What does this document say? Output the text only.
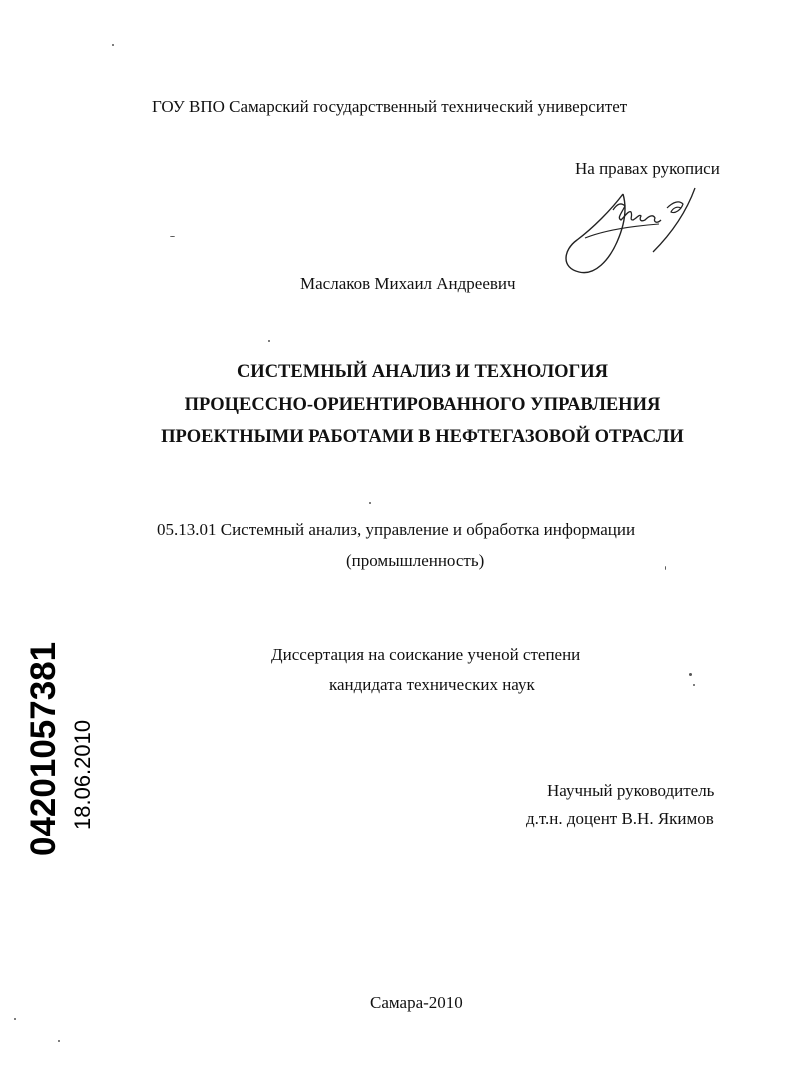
ГОУ ВПО Самарский государственный технический университет
На правах рукописи
Маслаков Михаил Андреевич
СИСТЕМНЫЙ АНАЛИЗ И ТЕХНОЛОГИЯ
ПРОЦЕССНО-ОРИЕНТИРОВАННОГО УПРАВЛЕНИЯ
ПРОЕКТНЫМИ РАБОТАМИ В НЕФТЕГАЗОВОЙ ОТРАСЛИ
05.13.01 Системный анализ, управление и обработка информации
(промышленность)
Диссертация на соискание ученой степени
кандидата технических наук
Научный руководитель
д.т.н. доцент В.Н. Якимов
Самара-2010
04201057381 18.06.2010
